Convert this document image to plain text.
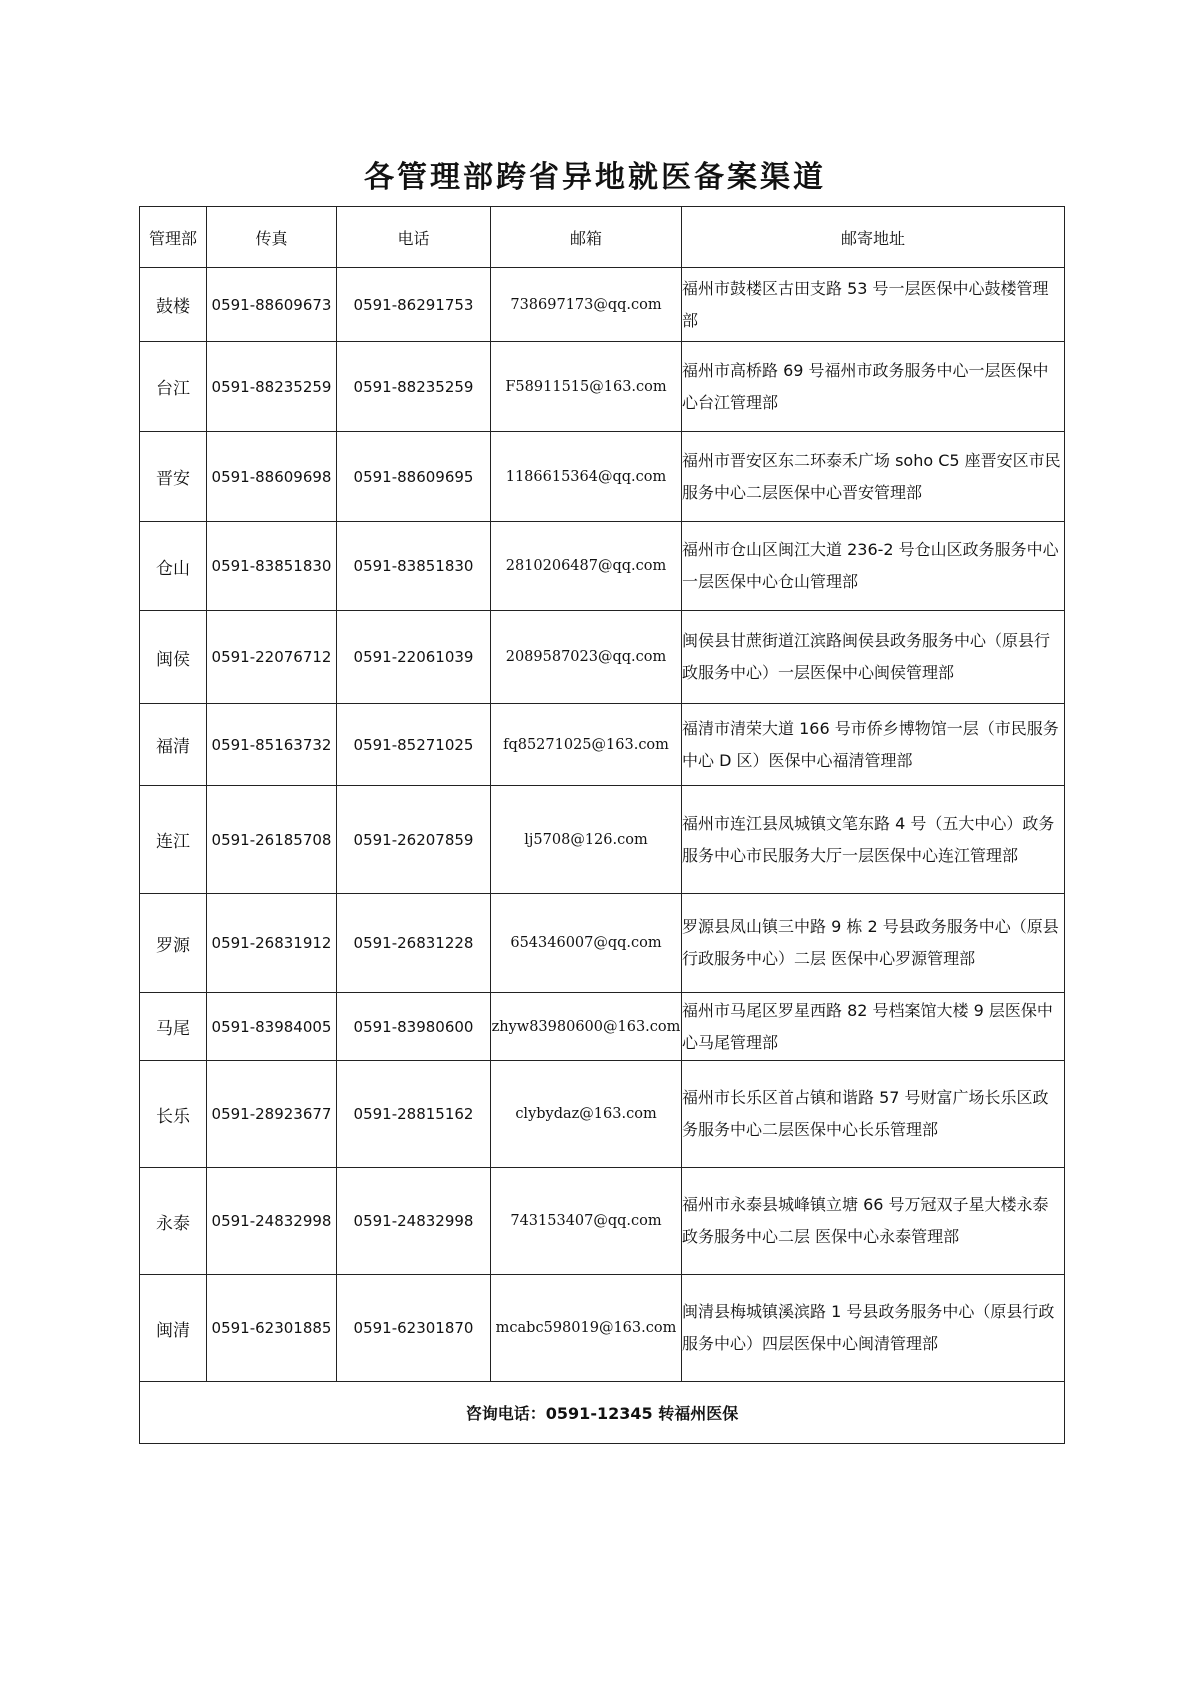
各管理部跨省异地就医备案渠道
管理部	传真	电话	邮箱	邮寄地址
鼓楼	0591-88609673	0591-86291753	738697173@qq.com	福州市鼓楼区古田支路 53 号一层医保中心鼓楼管理部
台江	0591-88235259	0591-88235259	F58911515@163.com	福州市高桥路 69 号福州市政务服务中心一层医保中心台江管理部
晋安	0591-88609698	0591-88609695	1186615364@qq.com	福州市晋安区东二环泰禾广场 soho C5 座晋安区市民服务中心二层医保中心晋安管理部
仓山	0591-83851830	0591-83851830	2810206487@qq.com	福州市仓山区闽江大道 236-2 号仓山区政务服务中心一层医保中心仓山管理部
闽侯	0591-22076712	0591-22061039	2089587023@qq.com	闽侯县甘蔗街道江滨路闽侯县政务服务中心（原县行政服务中心）一层医保中心闽侯管理部
福清	0591-85163732	0591-85271025	fq85271025@163.com	福清市清荣大道 166 号市侨乡博物馆一层（市民服务中心 D 区）医保中心福清管理部
连江	0591-26185708	0591-26207859	lj5708@126.com	福州市连江县凤城镇文笔东路 4 号（五大中心）政务服务中心市民服务大厅一层医保中心连江管理部
罗源	0591-26831912	0591-26831228	654346007@qq.com	罗源县凤山镇三中路 9 栋 2 号县政务服务中心（原县行政服务中心）二层 医保中心罗源管理部
马尾	0591-83984005	0591-83980600	zhyw83980600@163.com	福州市马尾区罗星西路 82 号档案馆大楼 9 层医保中心马尾管理部
长乐	0591-28923677	0591-28815162	clybydaz@163.com	福州市长乐区首占镇和谐路 57 号财富广场长乐区政务服务中心二层医保中心长乐管理部
永泰	0591-24832998	0591-24832998	743153407@qq.com	福州市永泰县城峰镇立塘 66 号万冠双子星大楼永泰政务服务中心二层 医保中心永泰管理部
闽清	0591-62301885	0591-62301870	mcabc598019@163.com	闽清县梅城镇溪滨路 1 号县政务服务中心（原县行政服务中心）四层医保中心闽清管理部
咨询电话：0591-12345 转福州医保				
